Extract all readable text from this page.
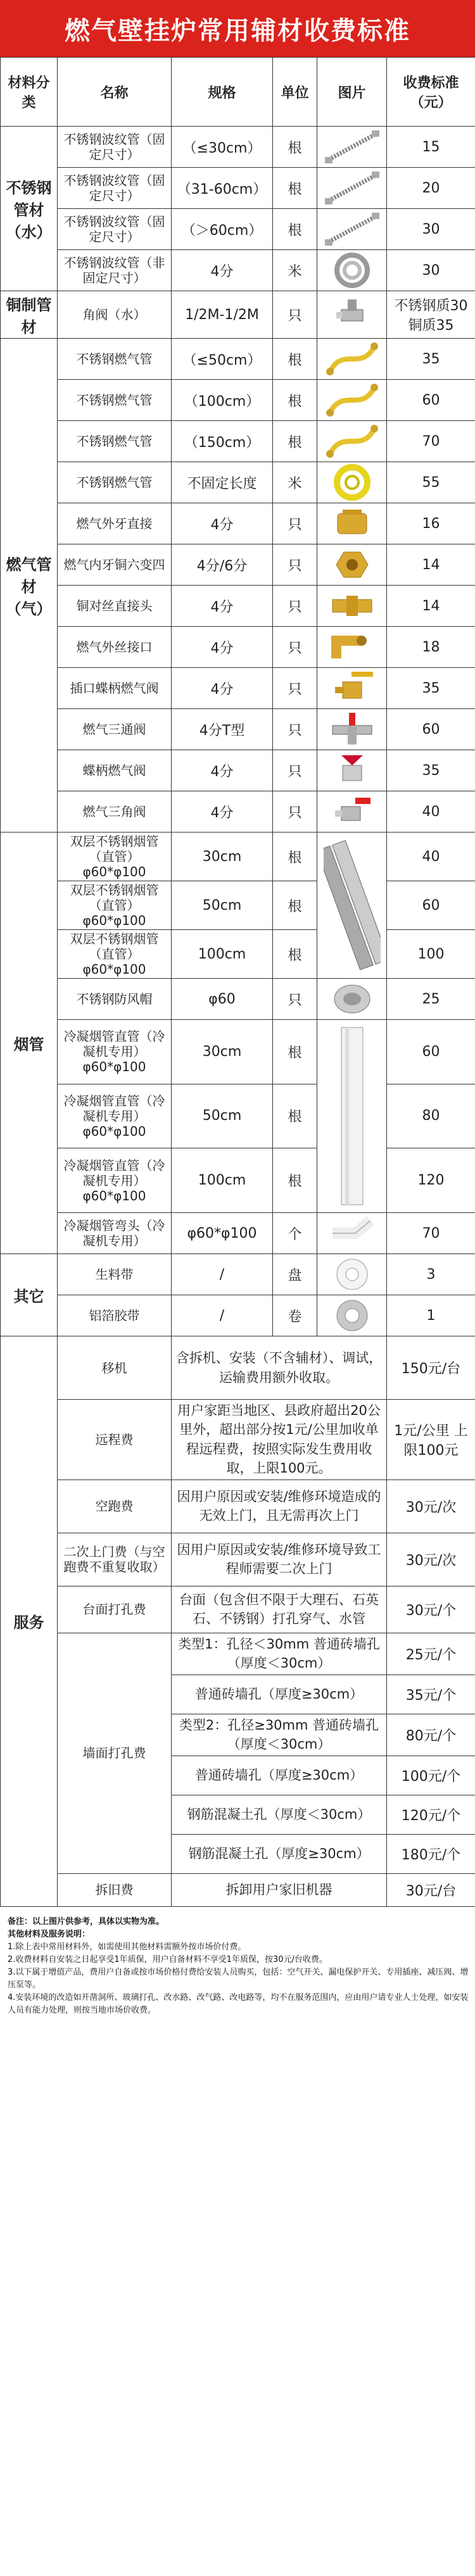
燃气壁挂炉常用辅材收费标准
材料分类	名称	规格	单位	图片	收费标准（元）
不锈钢管材（水）	不锈钢波纹管（固定尺寸）	（≤30cm）	根		15
	不锈钢波纹管（固定尺寸）	（31-60cm）	根		20
	不锈钢波纹管（固定尺寸）	（＞60cm）	根		30
	不锈钢波纹管（非固定尺寸）	4分	米		30
铜制管材	角阀（水）	1/2M-1/2M	只		不锈钢质30 铜质35
燃气管材（气）	不锈钢燃气管	（≤50cm）	根		35
	不锈钢燃气管	（100cm）	根		60
	不锈钢燃气管	（150cm）	根		70
	不锈钢燃气管	不固定长度	米		55
	燃气外牙直接	4分	只		16
	燃气内牙铜六变四	4分/6分	只		14
	铜对丝直接头	4分	只		14
	燃气外丝接口	4分	只		18
	插口蝶柄燃气阀	4分	只		35
	燃气三通阀	4分T型	只		60
	蝶柄燃气阀	4分	只		35
	燃气三角阀	4分	只		40
烟管	双层不锈钢烟管（直管）φ60*φ100	30cm	根		40
	双层不锈钢烟管（直管）φ60*φ100	50cm	根		60
	双层不锈钢烟管（直管）φ60*φ100	100cm	根		100
	不锈钢防风帽	φ60	只		25
	冷凝烟管直管（冷凝机专用）φ60*φ100	30cm	根		60
	冷凝烟管直管（冷凝机专用）φ60*φ100	50cm	根		80
	冷凝烟管直管（冷凝机专用）φ60*φ100	100cm	根		120
	冷凝烟管弯头（冷凝机专用）	φ60*φ100	个		70
其它	生料带	/	盘		3
	铝箔胶带	/	卷		1
服务	移机	含拆机、安装（不含辅材）、调试，运输费用额外收取。			150元/台
	远程费	用户家距当地区、县政府超出20公里外，超出部分按1元/公里加收单程远程费，按照实际发生费用收取，上限100元。			1元/公里 上限100元
	空跑费	因用户原因或安装/维修环境造成的无效上门，且无需再次上门			30元/次
	二次上门费（与空跑费不重复收取）	因用户原因或安装/维修环境导致工程师需要二次上门			30元/次
	台面打孔费	台面（包含但不限于大理石、石英石、不锈钢）打孔穿气、水管			30元/个
	墙面打孔费	类型1：孔径＜30mm 普通砖墙孔（厚度＜30cm）			25元/个
		普通砖墙孔（厚度≥30cm）			35元/个
		类型2：孔径≥30mm 普通砖墙孔（厚度＜30cm）			80元/个
		普通砖墙孔（厚度≥30cm）			100元/个
		钢筋混凝土孔（厚度＜30cm）			120元/个
		钢筋混凝土孔（厚度≥30cm）			180元/个
	拆旧费	拆卸用户家旧机器			30元/台
备注：以上图片供参考，具体以实物为准。
其他材料及服务说明：
1.除上表中常用材料外，如需使用其他材料需额外按市场价付费。
2.收费材料自安装之日起享受1年质保，用户自备材料不享受1年质保，按30元/台收费。
3.以下属于增值产品，费用户自备或按市场价格付费给安装人员购买，包括：空气开关、漏电保护开关、专用插座、减压阀、增压泵等。
4.安装环境的改造如开凿洞所、玻璃打孔、改水路、改气路、改电路等，均不在服务范围内，应由用户请专业人士处理，如安装人员有能力处理，则按当地市场价收费。
